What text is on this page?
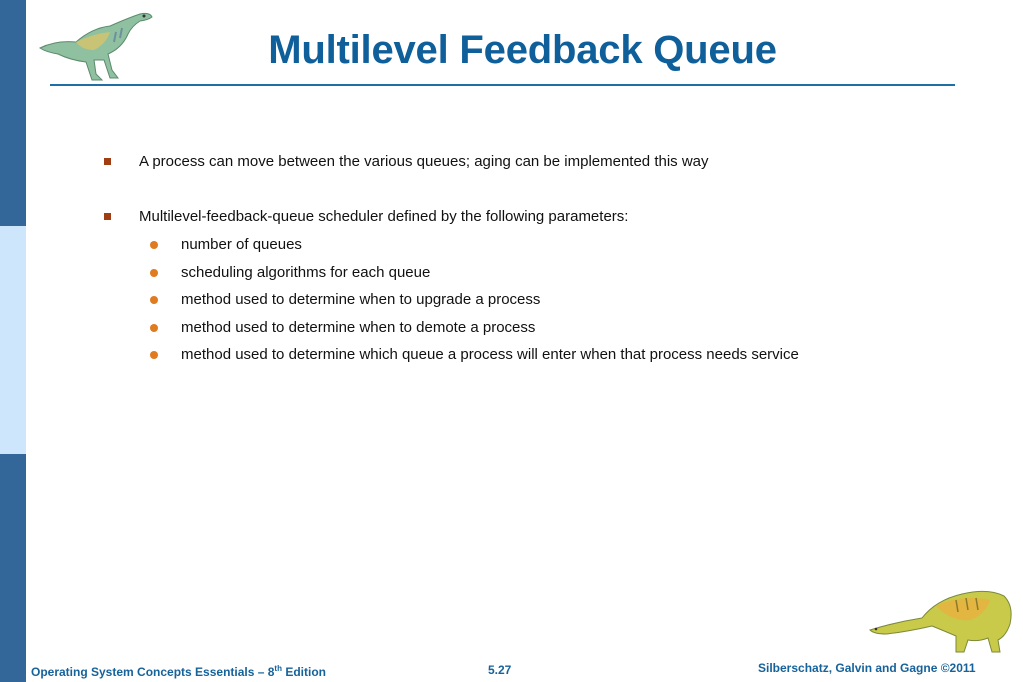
Multilevel Feedback Queue
A process can move between the various queues; aging can be implemented this way
Multilevel-feedback-queue scheduler defined by the following parameters:
number of queues
scheduling algorithms for each queue
method used to determine when to upgrade a process
method used to determine when to demote a process
method used to determine which queue a process will enter when that process needs service
Operating System Concepts Essentials – 8th Edition	5.27	Silberschatz, Galvin and Gagne ©2011
